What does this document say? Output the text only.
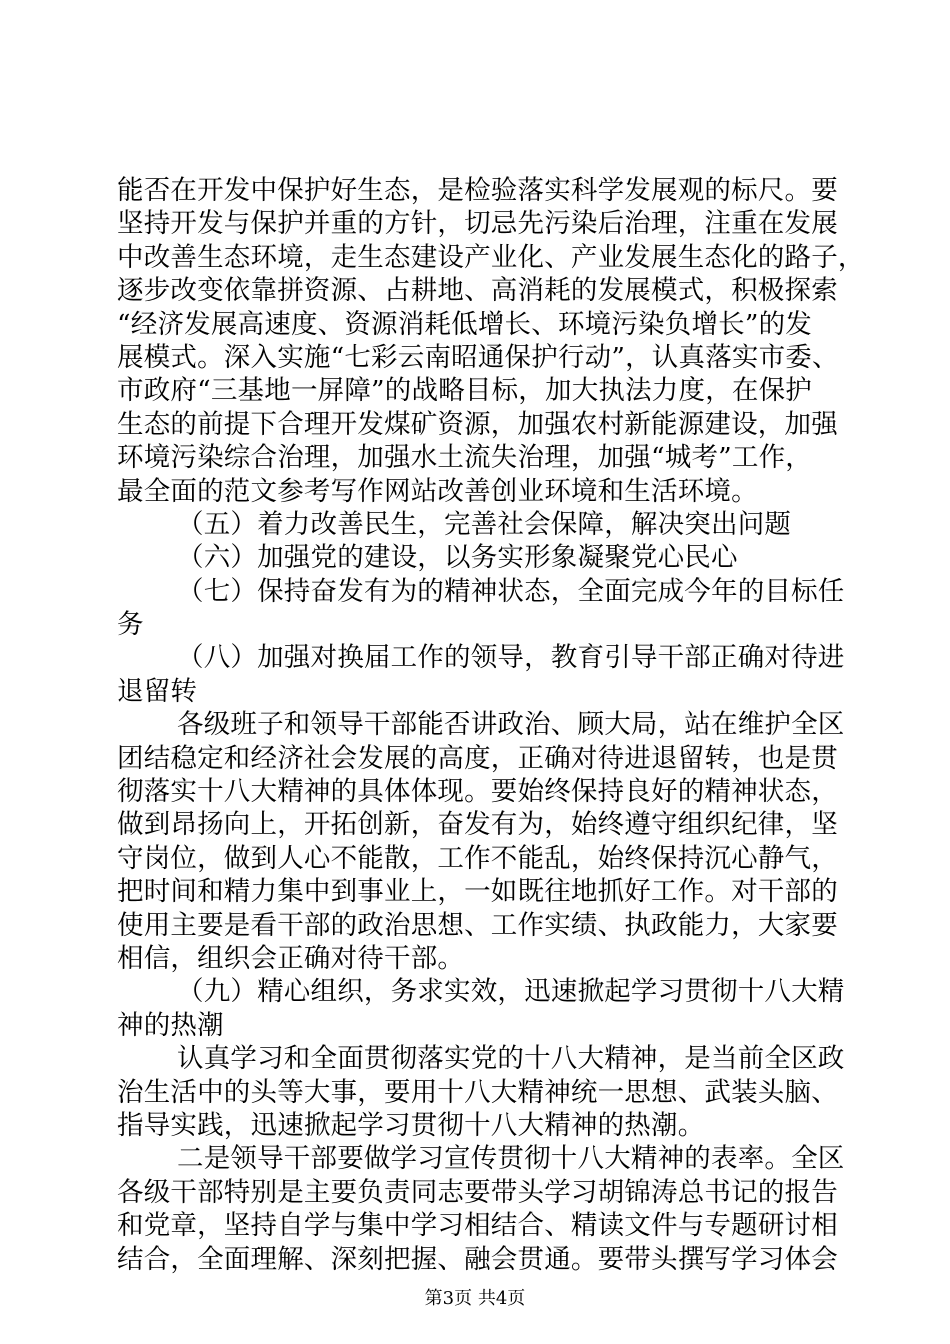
能否在开发中保护好生态，是检验落实科学发展观的标尺。要
坚持开发与保护并重的方针，切忌先污染后治理，注重在发展
中改善生态环境，走生态建设产业化、产业发展生态化的路子，
逐步改变依靠拼资源、占耕地、高消耗的发展模式，积极探索
“经济发展高速度、资源消耗低增长、环境污染负增长”的发
展模式。深入实施“七彩云南昭通保护行动”，认真落实市委、
市政府“三基地一屏障”的战略目标，加大执法力度，在保护
生态的前提下合理开发煤矿资源，加强农村新能源建设，加强
环境污染综合治理，加强水土流失治理，加强“城考”工作，
最全面的范文参考写作网站改善创业环境和生活环境。
（五）着力改善民生，完善社会保障，解决突出问题
（六）加强党的建设，以务实形象凝聚党心民心
（七）保持奋发有为的精神状态，全面完成今年的目标任
务
（八）加强对换届工作的领导，教育引导干部正确对待进
退留转
各级班子和领导干部能否讲政治、顾大局，站在维护全区
团结稳定和经济社会发展的高度，正确对待进退留转，也是贯
彻落实十八大精神的具体体现。要始终保持良好的精神状态，
做到昂扬向上，开拓创新，奋发有为，始终遵守组织纪律，坚
守岗位，做到人心不能散，工作不能乱，始终保持沉心静气，
把时间和精力集中到事业上，一如既往地抓好工作。对干部的
使用主要是看干部的政治思想、工作实绩、执政能力，大家要
相信，组织会正确对待干部。
（九）精心组织，务求实效，迅速掀起学习贯彻十八大精
神的热潮
认真学习和全面贯彻落实党的十八大精神，是当前全区政
治生活中的头等大事，要用十八大精神统一思想、武装头脑、
指导实践，迅速掀起学习贯彻十八大精神的热潮。
二是领导干部要做学习宣传贯彻十八大精神的表率。全区
各级干部特别是主要负责同志要带头学习胡锦涛总书记的报告
和党章，坚持自学与集中学习相结合、精读文件与专题研讨相
结合，全面理解、深刻把握、融会贯通。要带头撰写学习体会
第3页 共4页
